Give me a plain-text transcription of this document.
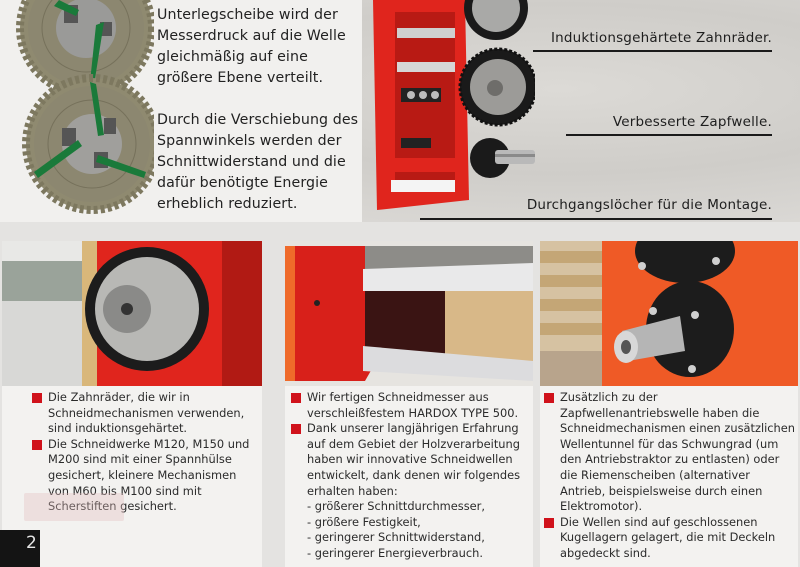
Unterlegscheibe wird der Messerdruck auf die Welle gleichmäßig auf eine größere Ebene verteilt.

Durch die Verschiebung des Spannwinkels werden der Schnittwiderstand und die dafür benötigte Energie erheblich reduziert.

Induktionsgehärtete Zahnräder.
Verbesserte Zapfwelle.
Durchgangslöcher für die Montage.
Die Zahnräder, die wir in Schneidmechanismen verwenden, sind induktionsgehärtet.
Die Schneidwerke M120, M150 und M200 sind mit einer Spannhülse gesichert, kleinere Mechanismen von M60 bis M100 sind mit Scherstiften gesichert.
Wir fertigen Schneidmesser aus verschleißfestem HARDOX TYPE 500.
Dank unserer langjährigen Erfahrung auf dem Gebiet der Holzverarbeitung haben wir innovative Schneidwellen entwickelt, dank denen wir folgendes erhalten haben:
- größerer Schnittdurchmesser,
- größere Festigkeit,
- geringerer Schnittwiderstand,
- geringerer Energieverbrauch.
Zusätzlich zu der Zapfwellenantriebswelle haben die Schneidmechanismen einen zusätzlichen Wellentunnel für das Schwungrad (um den Antriebstraktor zu entlasten) oder die Riemenscheiben (alternativer Antrieb, beispielsweise durch einen Elektromotor).
Die Wellen sind auf geschlossenen Kugellagern gelagert, die mit Deckeln abgedeckt sind.
2
